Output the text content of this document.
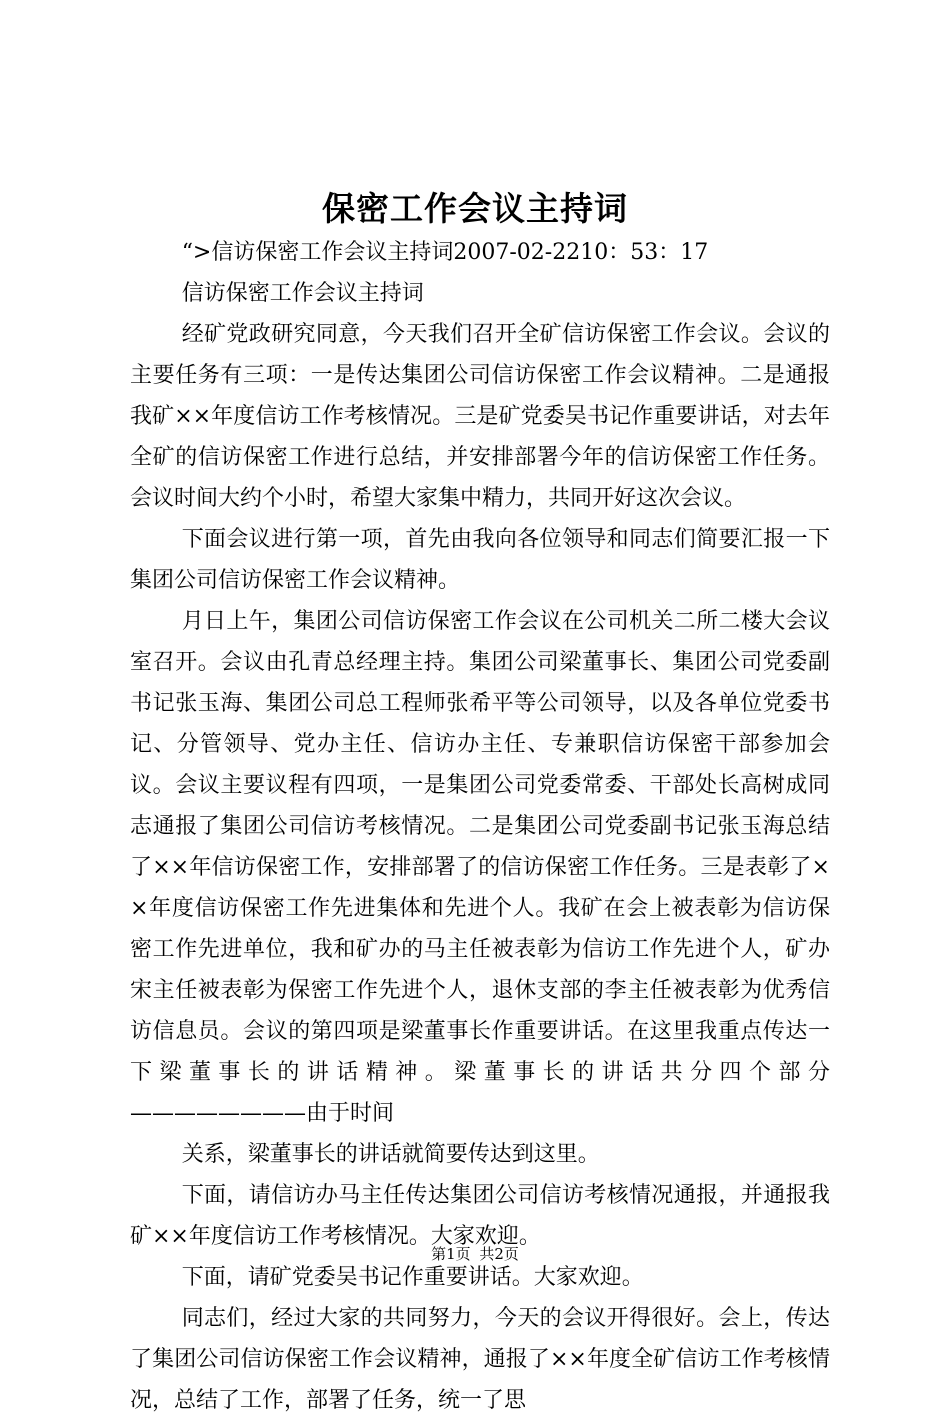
保密工作会议主持词

“>信访保密工作会议主持词2007-02-2210：53：17

信访保密工作会议主持词

经矿党政研究同意，今天我们召开全矿信访保密工作会议。会议的主要任务有三项：一是传达集团公司信访保密工作会议精神。二是通报我矿××年度信访工作考核情况。三是矿党委吴书记作重要讲话，对去年全矿的信访保密工作进行总结，并安排部署今年的信访保密工作任务。会议时间大约个小时，希望大家集中精力，共同开好这次会议。

下面会议进行第一项，首先由我向各位领导和同志们简要汇报一下集团公司信访保密工作会议精神。

月日上午，集团公司信访保密工作会议在公司机关二所二楼大会议室召开。会议由孔青总经理主持。集团公司梁董事长、集团公司党委副书记张玉海、集团公司总工程师张希平等公司领导，以及各单位党委书记、分管领导、党办主任、信访办主任、专兼职信访保密干部参加会议。会议主要议程有四项，一是集团公司党委常委、干部处长高树成同志通报了集团公司信访考核情况。二是集团公司党委副书记张玉海总结了××年信访保密工作，安排部署了的信访保密工作任务。三是表彰了××年度信访保密工作先进集体和先进个人。我矿在会上被表彰为信访保密工作先进单位，我和矿办的马主任被表彰为信访工作先进个人，矿办宋主任被表彰为保密工作先进个人，退休支部的李主任被表彰为优秀信访信息员。会议的第四项是梁董事长作重要讲话。在这里我重点传达一下梁董事长的讲话精神。梁董事长的讲话共分四个部分————————由于时间

关系，梁董事长的讲话就简要传达到这里。

下面，请信访办马主任传达集团公司信访考核情况通报，并通报我矿××年度信访工作考核情况。大家欢迎。

下面，请矿党委吴书记作重要讲话。大家欢迎。

同志们，经过大家的共同努力，今天的会议开得很好。会上，传达了集团公司信访保密工作会议精神，通报了××年度全矿信访工作考核情况，总结了工作，部署了任务，统一了思

第1页 共2页
